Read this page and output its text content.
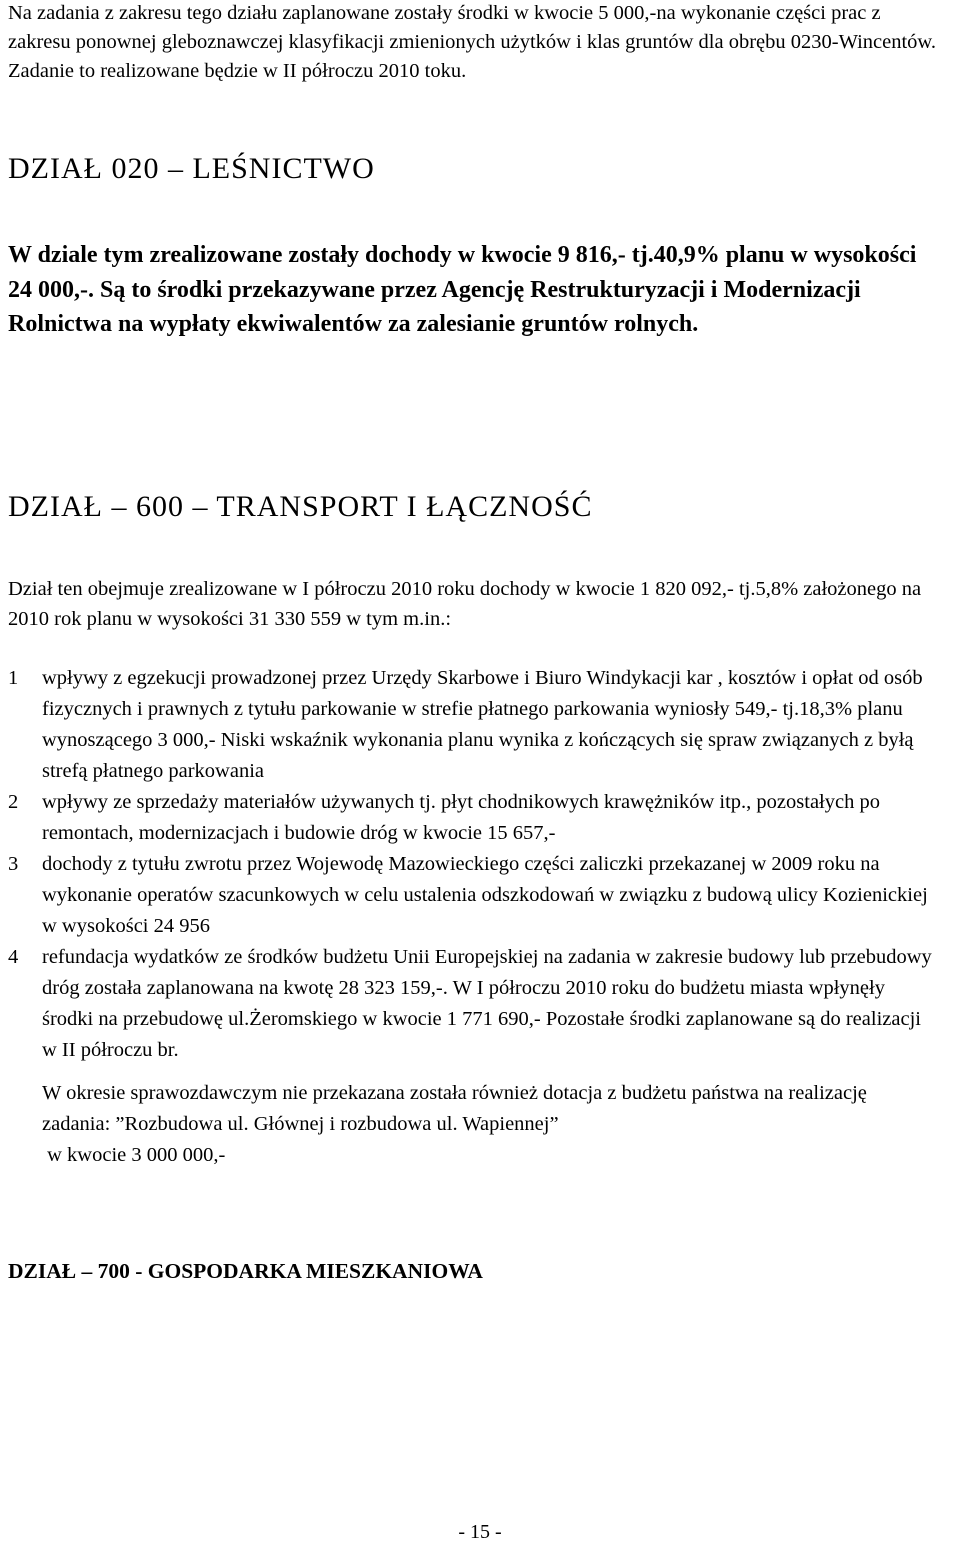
Na zadania z zakresu tego działu zaplanowane zostały środki w kwocie 5 000,-na wykonanie części prac z zakresu ponownej gleboznawczej klasyfikacji zmienionych użytków i klas gruntów dla obrębu 0230-Wincentów. Zadanie to realizowane będzie w II półroczu 2010 toku.

DZIAŁ 020 – LEŚNICTWO

W dziale tym zrealizowane zostały dochody w kwocie 9 816,- tj.40,9% planu w wysokości 24 000,-. Są to środki przekazywane przez Agencję Restrukturyzacji i Modernizacji Rolnictwa na wypłaty ekwiwalentów za zalesianie gruntów rolnych.

DZIAŁ – 600 – TRANSPORT I ŁĄCZNOŚĆ

Dział ten obejmuje zrealizowane w I półroczu 2010 roku dochody w kwocie 1 820 092,- tj.5,8% założonego na 2010 rok planu w wysokości 31 330 559 w tym m.in.:

1 wpływy z egzekucji prowadzonej przez Urzędy Skarbowe i Biuro Windykacji kar , kosztów i opłat od osób fizycznych i prawnych z tytułu parkowanie w strefie płatnego parkowania wyniosły 549,- tj.18,3% planu wynoszącego 3 000,- Niski wskaźnik wykonania planu wynika z kończących się spraw związanych z byłą strefą płatnego parkowania
2 wpływy ze sprzedaży materiałów używanych tj. płyt chodnikowych krawężników itp., pozostałych po remontach, modernizacjach i budowie dróg w kwocie 15 657,-
3 dochody z tytułu zwrotu przez Wojewodę Mazowieckiego części zaliczki przekazanej w 2009 roku na wykonanie operatów szacunkowych w celu ustalenia odszkodowań w związku z budową ulicy Kozienickiej w wysokości 24 956
4 refundacja wydatków ze środków budżetu Unii Europejskiej na zadania w zakresie budowy lub przebudowy dróg została zaplanowana na kwotę 28 323 159,-. W I półroczu 2010 roku do budżetu miasta wpłynęły środki na przebudowę ul.Żeromskiego w kwocie 1 771 690,- Pozostałe środki zaplanowane są do realizacji w II półroczu br.
W okresie sprawozdawczym nie przekazana została również dotacja z budżetu państwa na realizację zadania: ”Rozbudowa ul. Głównej i rozbudowa ul. Wapiennej”
w kwocie 3 000 000,-
DZIAŁ – 700 - GOSPODARKA MIESZKANIOWA
- 15 -
